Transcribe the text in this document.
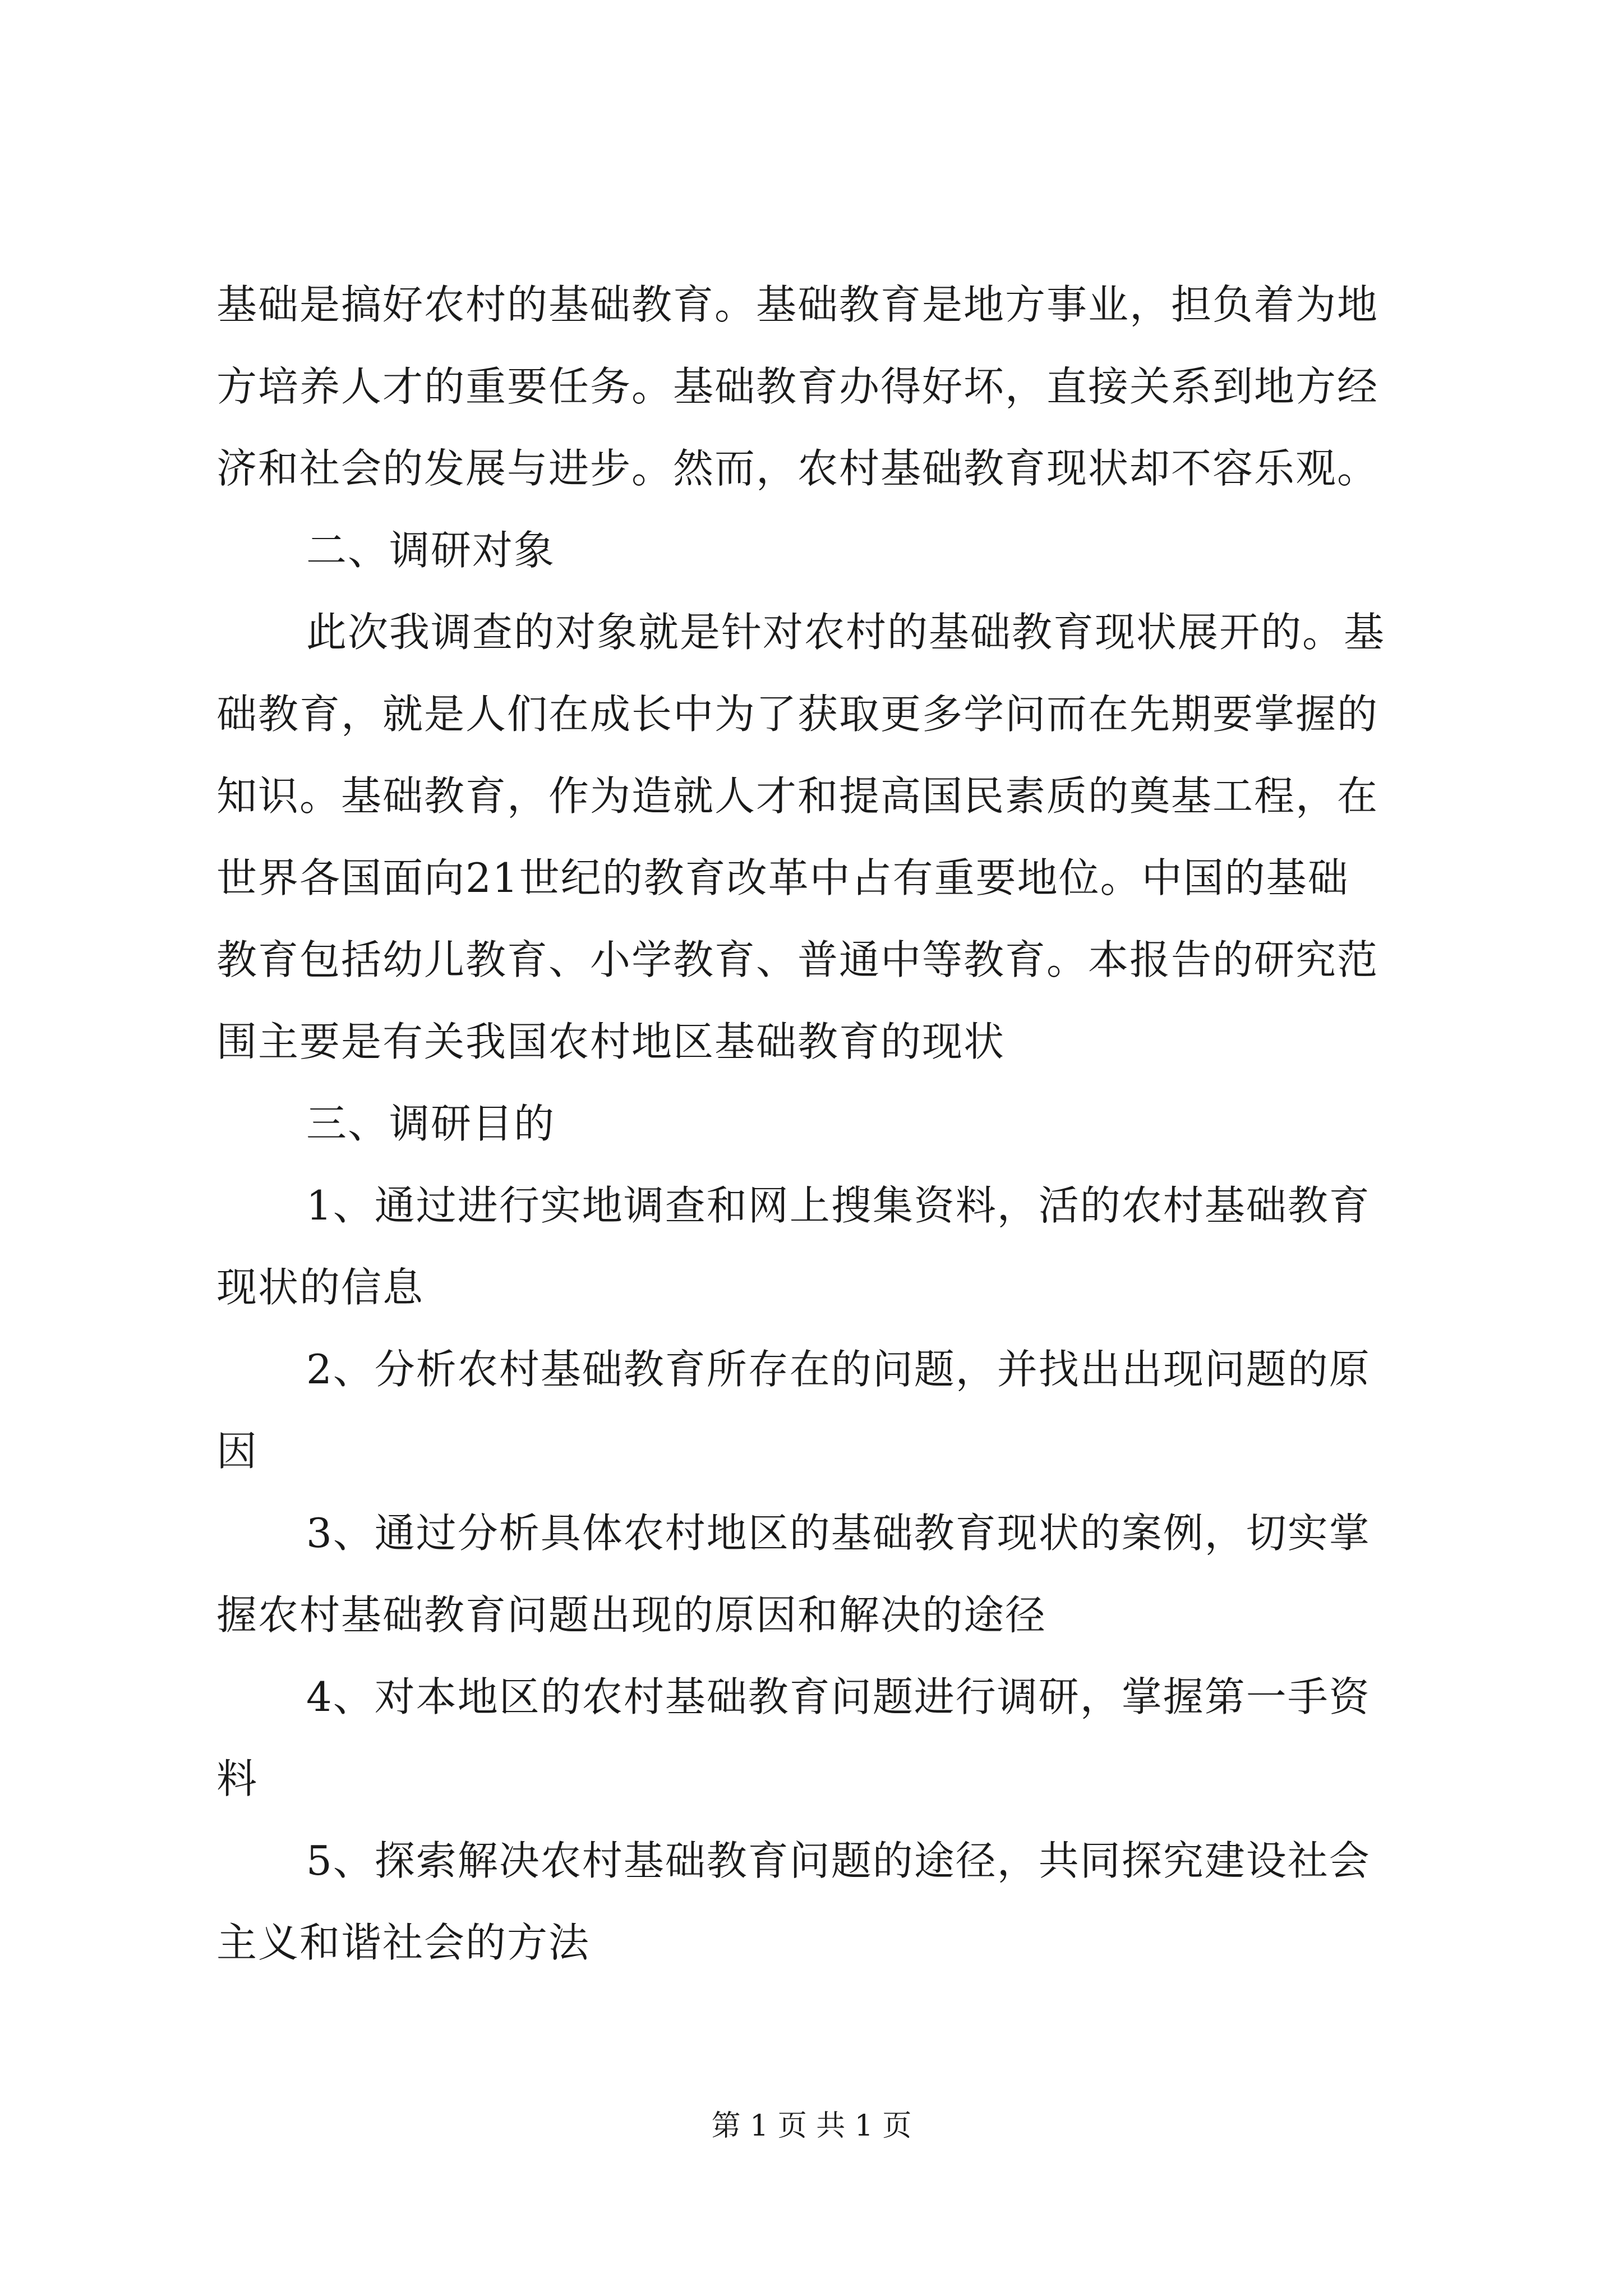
基础是搞好农村的基础教育。基础教育是地方事业，担负着为地
方培养人才的重要任务。基础教育办得好坏，直接关系到地方经
济和社会的发展与进步。然而，农村基础教育现状却不容乐观。
二、调研对象
此次我调查的对象就是针对农村的基础教育现状展开的。基
础教育，就是人们在成长中为了获取更多学问而在先期要掌握的
知识。基础教育，作为造就人才和提高国民素质的奠基工程，在
世界各国面向21世纪的教育改革中占有重要地位。中国的基础
教育包括幼儿教育、小学教育、普通中等教育。本报告的研究范
围主要是有关我国农村地区基础教育的现状
三、调研目的
1、通过进行实地调查和网上搜集资料，活的农村基础教育
现状的信息
2、分析农村基础教育所存在的问题，并找出出现问题的原
因
3、通过分析具体农村地区的基础教育现状的案例，切实掌
握农村基础教育问题出现的原因和解决的途径
4、对本地区的农村基础教育问题进行调研，掌握第一手资
料
5、探索解决农村基础教育问题的途径，共同探究建设社会
主义和谐社会的方法
第 1 页 共 1 页
